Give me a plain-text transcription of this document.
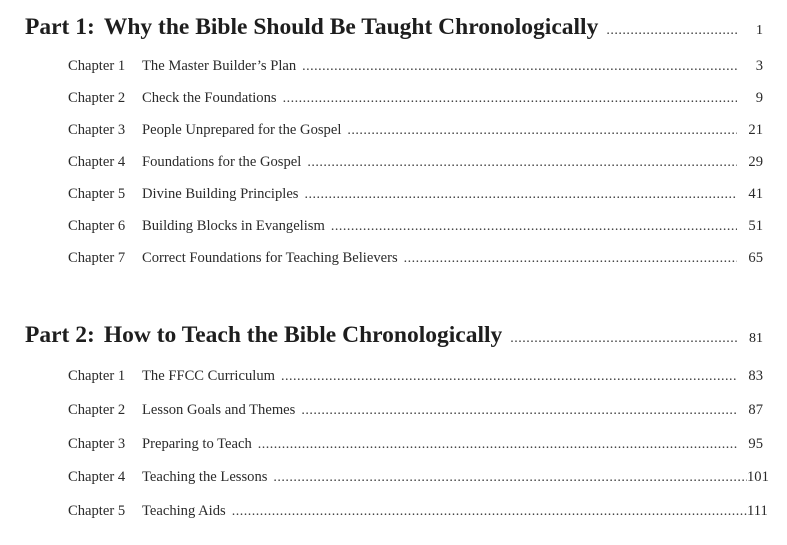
Part 1: Why the Bible Should Be Taught Chronologically .....	1
Chapter 1	The Master Builder’s Plan .....	3
Chapter 2	Check the Foundations .....	9
Chapter 3	People Unprepared for the Gospel .....	21
Chapter 4	Foundations for the Gospel .....	29
Chapter 5	Divine Building Principles .....	41
Chapter 6	Building Blocks in Evangelism .....	51
Chapter 7	Correct Foundations for Teaching Believers .....	65
Part 2: How to Teach the Bible Chronologically .....	81
Chapter 1	The FFCC Curriculum .....	83
Chapter 2	Lesson Goals and Themes .....	87
Chapter 3	Preparing to Teach .....	95
Chapter 4	Teaching the Lessons .....	101
Chapter 5	Teaching Aids .....	111
